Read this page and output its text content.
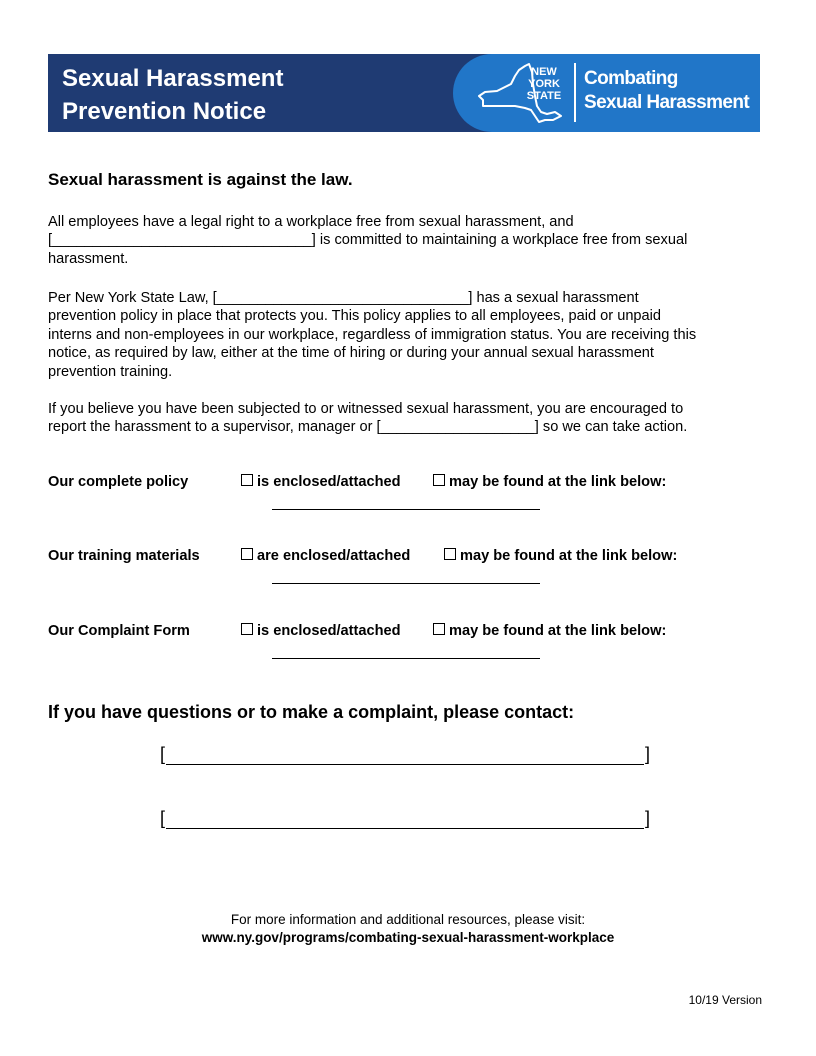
Sexual Harassment
Prevention Notice
NEW
YORK
STATE
Combating
Sexual Harassment
Sexual harassment is against the law.

All employees have a legal right to a workplace free from sexual harassment, and
[________________________________] is committed to maintaining a workplace free from sexual
harassment.

Per New York State Law, [_______________________________] has a sexual harassment
prevention policy in place that protects you. This policy applies to all employees, paid or unpaid
interns and non-employees in our workplace, regardless of immigration status. You are receiving this
notice, as required by law, either at the time of hiring or during your annual sexual harassment
prevention training.

If you believe you have been subjected to or witnessed sexual harassment, you are encouraged to
report the harassment to a supervisor, manager or [___________________] so we can take action.

Our complete policy	is enclosed/attached	may be found at the link below:
Our training materials	are enclosed/attached	may be found at the link below:
Our Complaint Form	is enclosed/attached	may be found at the link below:
If you have questions or to make a complaint, please contact:
[	]
[	]
For more information and additional resources, please visit:
www.ny.gov/programs/combating-sexual-harassment-workplace
10/19 Version
